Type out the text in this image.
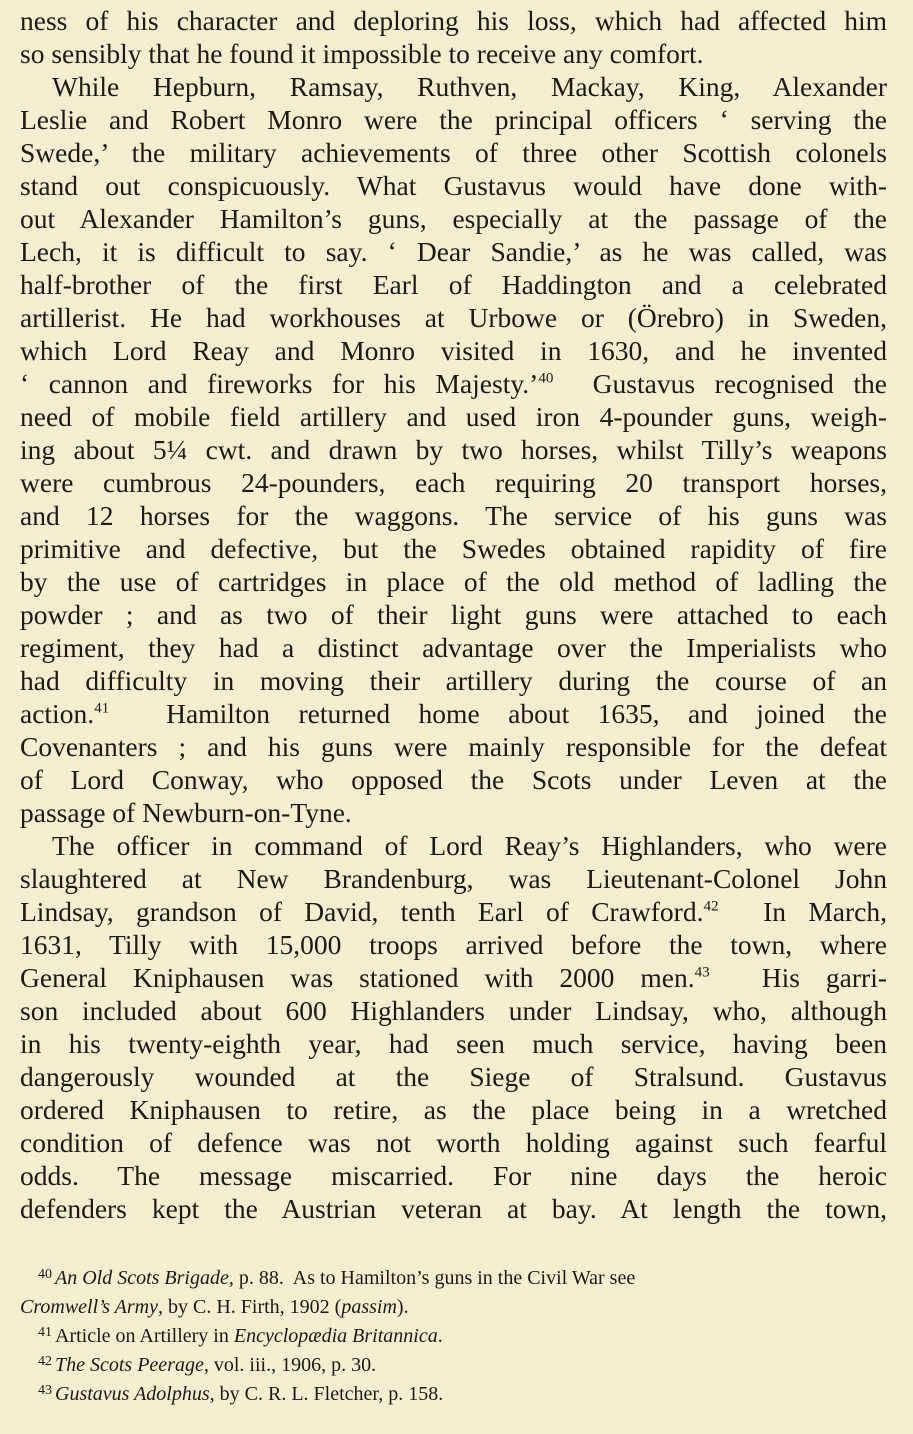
ness of his character and deploring his loss, which had affected him
so sensibly that he found it impossible to receive any comfort.
While Hepburn, Ramsay, Ruthven, Mackay, King, Alexander
Leslie and Robert Monro were the principal officers ‘ serving the
Swede,’ the military achievements of three other Scottish colonels
stand out conspicuously. What Gustavus would have done with-
out Alexander Hamilton’s guns, especially at the passage of the
Lech, it is difficult to say. ‘ Dear Sandie,’ as he was called, was
half-brother of the first Earl of Haddington and a celebrated
artillerist. He had workhouses at Urbowe or (Örebro) in Sweden,
which Lord Reay and Monro visited in 1630, and he invented
‘ cannon and fireworks for his Majesty.’$^{40}$  Gustavus recognised the
need of mobile field artillery and used iron 4-pounder guns, weigh-
ing about 5¼ cwt. and drawn by two horses, whilst Tilly’s weapons
were cumbrous 24-pounders, each requiring 20 transport horses,
and 12 horses for the waggons. The service of his guns was
primitive and defective, but the Swedes obtained rapidity of fire
by the use of cartridges in place of the old method of ladling the
powder ; and as two of their light guns were attached to each
regiment, they had a distinct advantage over the Imperialists who
had difficulty in moving their artillery during the course of an
action.$^{41}$  Hamilton returned home about 1635, and joined the
Covenanters ; and his guns were mainly responsible for the defeat
of Lord Conway, who opposed the Scots under Leven at the
passage of Newburn-on-Tyne.
The officer in command of Lord Reay’s Highlanders, who were
slaughtered at New Brandenburg, was Lieutenant-Colonel John
Lindsay, grandson of David, tenth Earl of Crawford.$^{42}$  In March,
1631, Tilly with 15,000 troops arrived before the town, where
General Kniphausen was stationed with 2000 men.$^{43}$  His garri-
son included about 600 Highlanders under Lindsay, who, although
in his twenty-eighth year, had seen much service, having been
dangerously wounded at the Siege of Stralsund. Gustavus
ordered Kniphausen to retire, as the place being in a wretched
condition of defence was not worth holding against such fearful
odds. The message miscarried. For nine days the heroic
defenders kept the Austrian veteran at bay. At length the town,
$^{40}$ An Old Scots Brigade, p. 88.  As to Hamilton’s guns in the Civil War see
Cromwell’s Army, by C. H. Firth, 1902 (passim).
$^{41}$ Article on Artillery in Encyclopædia Britannica.
$^{42}$ The Scots Peerage, vol. iii., 1906, p. 30.
$^{43}$ Gustavus Adolphus, by C. R. L. Fletcher, p. 158.
